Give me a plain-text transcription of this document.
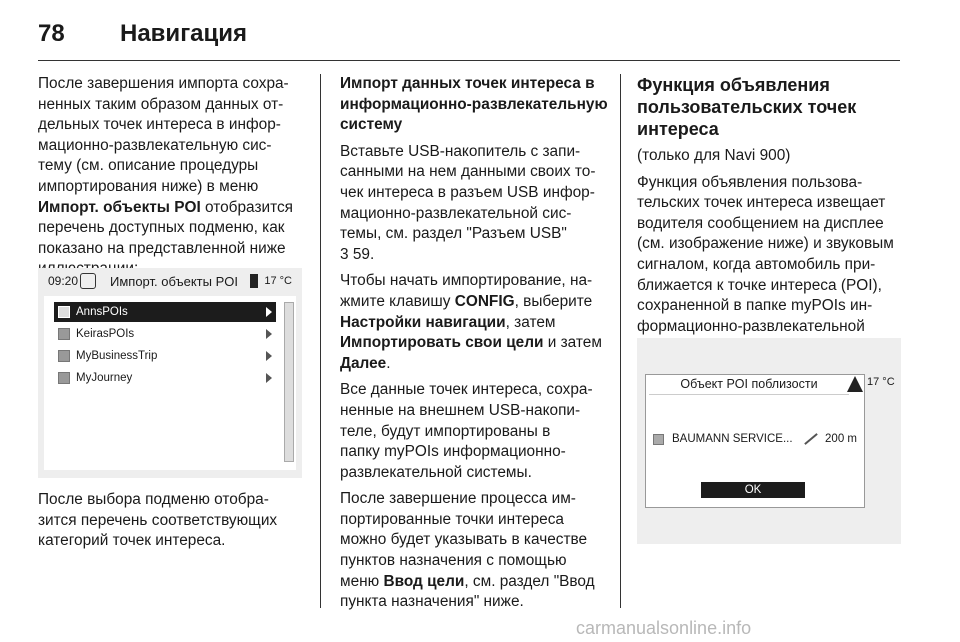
78	Навигация

После завершения импорта сохра-
ненных таким образом данных от-
дельных точек интереса в инфор-
мационно-развлекательную сис-
тему (см. описание процедуры
импортирования ниже) в меню
Импорт. объекты POI отобразится
перечень доступных подменю, как
показано на представленной ниже

После выбора подменю отобра-
зится перечень соответствующих
категорий точек интереса.

09:20 Импорт. объекты POI	17 °C
AnnsPOIs
KeirasPOIs
MyBusinessTrip
MyJourney

Импорт данных точек интереса в
информационно-развлекательную
систему

Вставьте USB-накопитель с запи-
санными на нем данными своих то-
чек интереса в разъем USB инфор-
мационно-развлекательной сис-
темы, см. раздел "Разъем USB"
3 59.

Чтобы начать импортирование, на-
жмите клавишу CONFIG, выберите
Настройки навигации, затем
Импортировать свои цели и затем
Далее.

Все данные точек интереса, сохра-
ненные на внешнем USB-накопи-
теле, будут импортированы в
папку myPOIs информационно-
развлекательной системы.

После завершение процесса им-
портированные точки интереса
можно будет указывать в качестве
пунктов назначения с помощью
меню Ввод цели, см. раздел "Ввод
пункта назначения" ниже.

Функция объявления
пользовательских точек
интереса

(только для Navi 900)

Функция объявления пользова-
тельских точек интереса извещает
водителя сообщением на дисплее
(см. изображение ниже) и звуковым
сигналом, когда автомобиль при-
ближается к точке интереса (POI),
сохраненной в папке myPOIs ин-
формационно-развлекательной

Объект POI поблизости	17 °C
BAUMANN SERVICE...	200 m
OK
carmanualsonline.info
